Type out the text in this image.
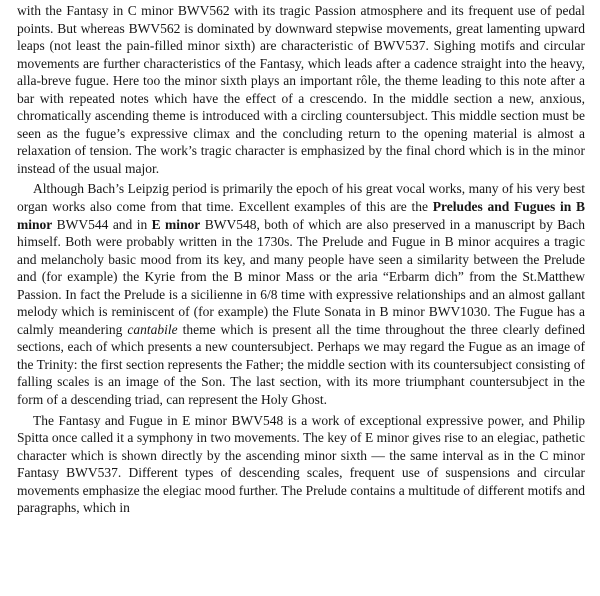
with the Fantasy in C minor BWV562 with its tragic Passion atmosphere and its frequent use of pedal points. But whereas BWV562 is dominated by downward stepwise movements, great lamenting upward leaps (not least the pain-filled minor sixth) are characteristic of BWV537. Sighing motifs and circular movements are further characteristics of the Fantasy, which leads after a cadence straight into the heavy, alla-breve fugue. Here too the minor sixth plays an important rôle, the theme leading to this note after a bar with repeated notes which have the effect of a crescendo. In the middle section a new, anxious, chromatically ascending theme is introduced with a circling countersubject. This middle section must be seen as the fugue’s expressive climax and the concluding return to the opening material is almost a relaxation of tension. The work’s tragic character is emphasized by the final chord which is in the minor instead of the usual major.

Although Bach’s Leipzig period is primarily the epoch of his great vocal works, many of his very best organ works also come from that time. Excellent examples of this are the Preludes and Fugues in B minor BWV544 and in E minor BWV548, both of which are also preserved in a manuscript by Bach himself. Both were probably written in the 1730s. The Prelude and Fugue in B minor acquires a tragic and melancholy basic mood from its key, and many people have seen a similarity between the Prelude and (for example) the Kyrie from the B minor Mass or the aria “Erbarm dich” from the St.Matthew Passion. In fact the Prelude is a sicilienne in 6/8 time with expressive relationships and an almost gallant melody which is reminiscent of (for example) the Flute Sonata in B minor BWV1030. The Fugue has a calmly meandering cantabile theme which is present all the time throughout the three clearly defined sections, each of which presents a new countersubject. Perhaps we may regard the Fugue as an image of the Trinity: the first section represents the Father; the middle section with its countersubject consisting of falling scales is an image of the Son. The last section, with its more triumphant countersubject in the form of a descending triad, can represent the Holy Ghost.

The Fantasy and Fugue in E minor BWV548 is a work of exceptional expressive power, and Philip Spitta once called it a symphony in two movements. The key of E minor gives rise to an elegiac, pathetic character which is shown directly by the ascending minor sixth — the same interval as in the C minor Fantasy BWV537. Different types of descending scales, frequent use of suspensions and circular movements emphasize the elegiac mood further. The Prelude contains a multitude of different motifs and paragraphs, which in
